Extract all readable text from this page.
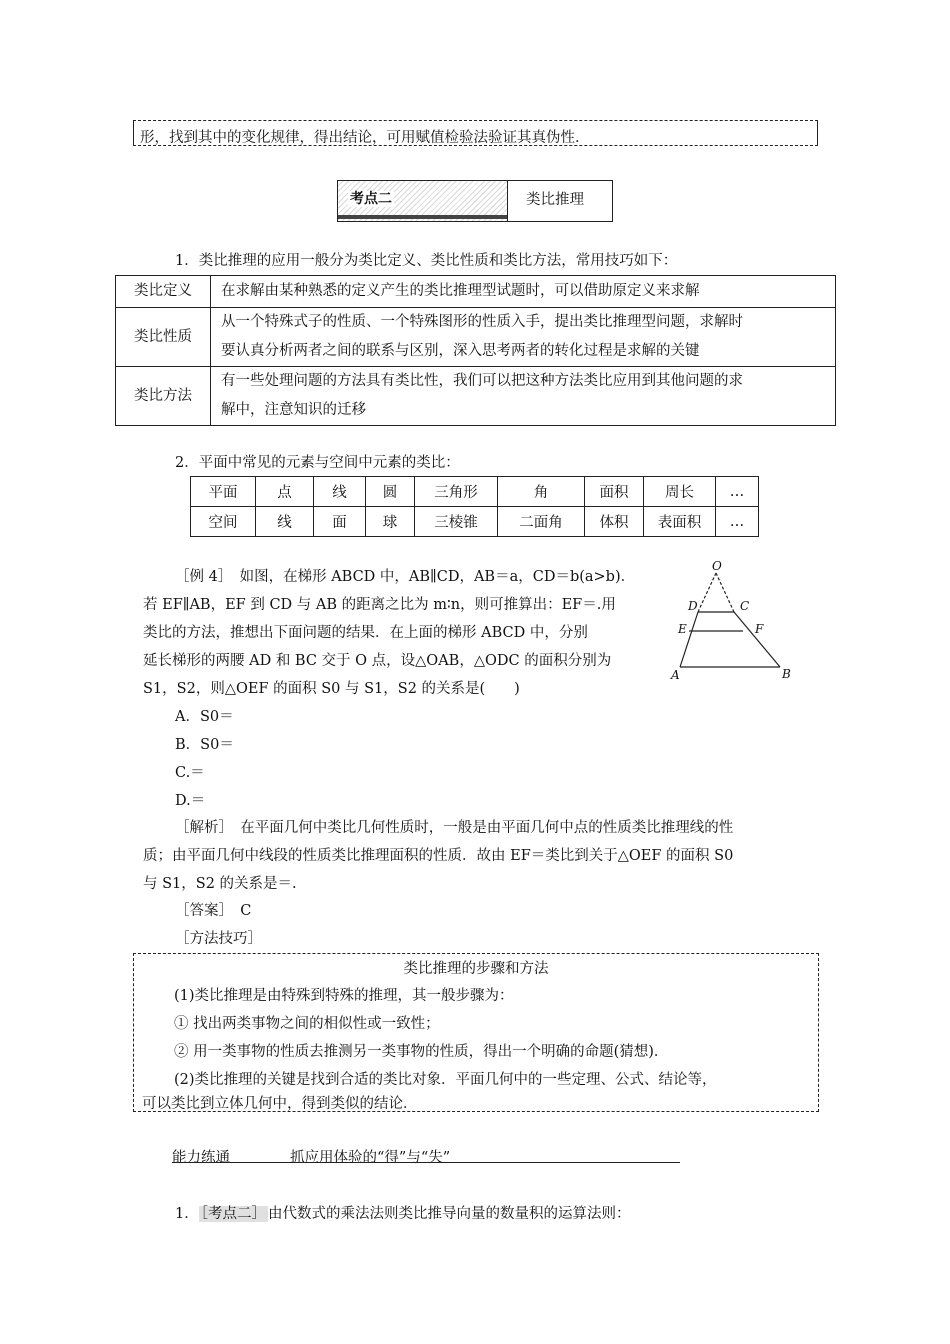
形，找到其中的变化规律，得出结论，可用赋值检验法验证其真伪性．
考点二	类比推理
1．类比推理的应用一般分为类比定义、类比性质和类比方法，常用技巧如下：
类比定义	在求解由某种熟悉的定义产生的类比推理型试题时，可以借助原定义来求解
类比性质	从一个特殊式子的性质、一个特殊图形的性质入手，提出类比推理型问题，求解时
要认真分析两者之间的联系与区别，深入思考两者的转化过程是求解的关键
类比方法	有一些处理问题的方法具有类比性，我们可以把这种方法类比应用到其他问题的求
解中，注意知识的迁移
2．平面中常见的元素与空间中元素的类比：
平面	点	线	圆	三角形	角	面积	周长	…
空间	线	面	球	三棱锥	二面角	体积	表面积	…
［例 4］　如图，在梯形 ABCD 中，AB∥CD，AB＝a，CD＝b(a>b)．
若 EF∥AB，EF 到 CD 与 AB 的距离之比为 m∶n，则可推算出：EF＝.用
类比的方法，推想出下面问题的结果．在上面的梯形 ABCD 中，分别
延长梯形的两腰 AD 和 BC 交于 O 点，设△OAB，△ODC 的面积分别为
S1，S2，则△OEF 的面积 S0 与 S1，S2 的关系是(　　)
A．S0＝
B．S0＝
C.＝
D.＝
O
D	C
E	F
A	B
［解析］　在平面几何中类比几何性质时，一般是由平面几何中点的性质类比推理线的性
质；由平面几何中线段的性质类比推理面积的性质．故由 EF＝类比到关于△OEF 的面积 S0
与 S1，S2 的关系是＝.
［答案］　C
［方法技巧］
类比推理的步骤和方法
(1)类比推理是由特殊到特殊的推理，其一般步骤为：
① 找出两类事物之间的相似性或一致性；
② 用一类事物的性质去推测另一类事物的性质，得出一个明确的命题(猜想)．
(2)类比推理的关键是找到合适的类比对象．平面几何中的一些定理、公式、结论等，
可以类比到立体几何中，得到类似的结论．
能力练通	抓应用体验的“得”与“失”
1． ［考点二］ 由代数式的乘法法则类比推导向量的数量积的运算法则：
